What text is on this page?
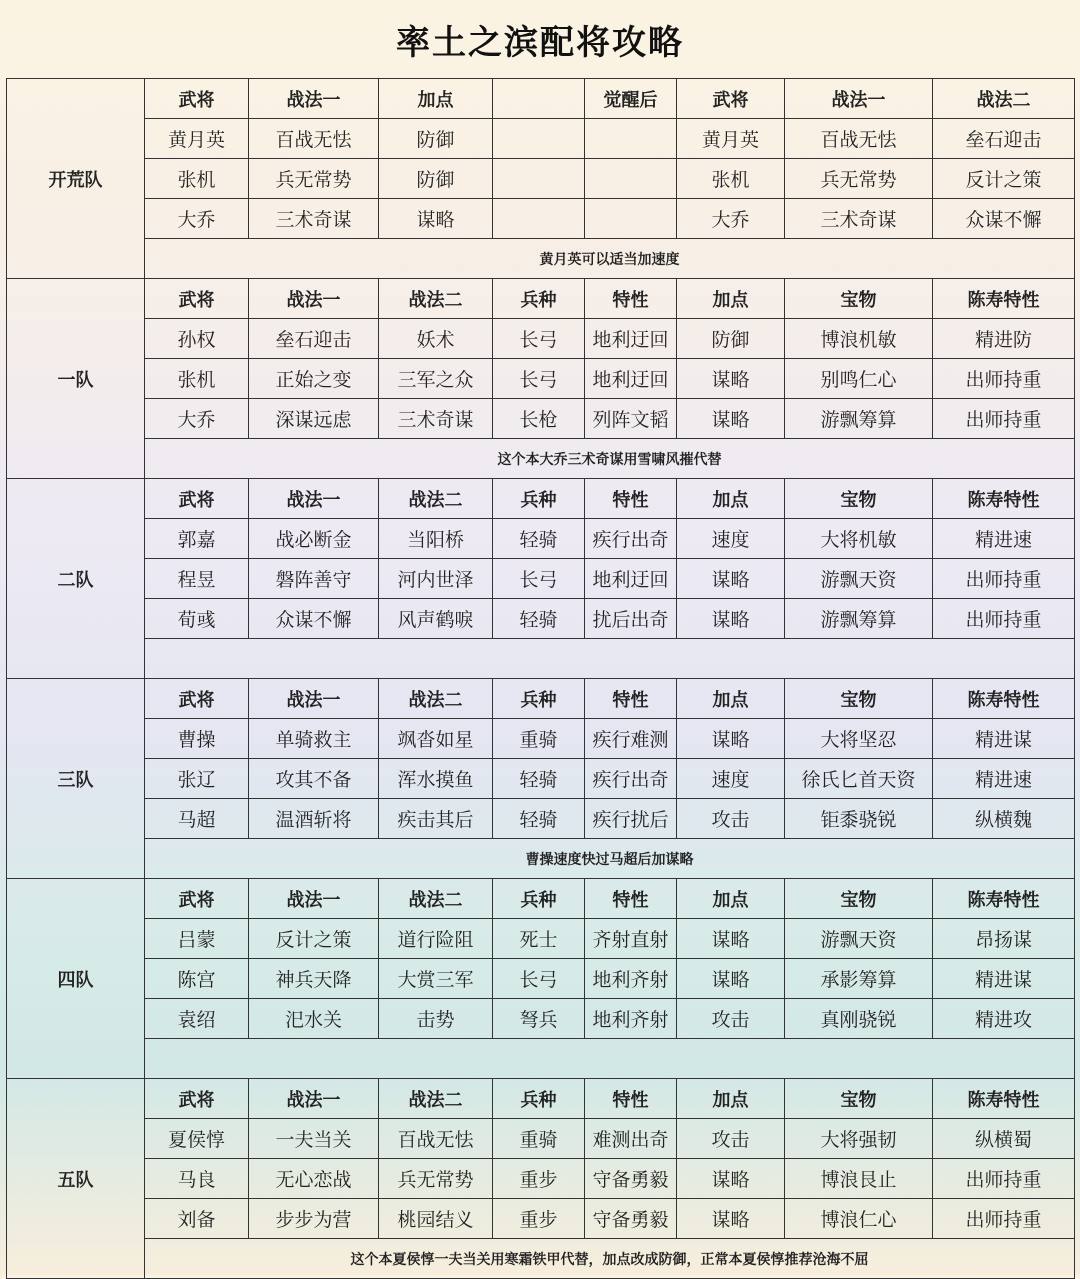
率土之滨配将攻略
开荒队	武将	战法一	加点		觉醒后	武将	战法一	战法二
	黄月英	百战无怯	防御			黄月英	百战无怯	垒石迎击
	张机	兵无常势	防御			张机	兵无常势	反计之策
	大乔	三术奇谋	谋略			大乔	三术奇谋	众谋不懈
	黄月英可以适当加速度							
一队	武将	战法一	战法二	兵种	特性	加点	宝物	陈寿特性
	孙权	垒石迎击	妖术	长弓	地利迂回	防御	博浪机敏	精进防
	张机	正始之变	三军之众	长弓	地利迂回	谋略	别鸣仁心	出师持重
	大乔	深谋远虑	三术奇谋	长枪	列阵文韬	谋略	游飘筹算	出师持重
	这个本大乔三术奇谋用雪啸风摧代替							
二队	武将	战法一	战法二	兵种	特性	加点	宝物	陈寿特性
	郭嘉	战必断金	当阳桥	轻骑	疾行出奇	速度	大将机敏	精进速
	程昱	磐阵善守	河内世泽	长弓	地利迂回	谋略	游飘天资	出师持重
	荀彧	众谋不懈	风声鹤唳	轻骑	扰后出奇	谋略	游飘筹算	出师持重

三队	武将	战法一	战法二	兵种	特性	加点	宝物	陈寿特性
	曹操	单骑救主	飒沓如星	重骑	疾行难测	谋略	大将坚忍	精进谋
	张辽	攻其不备	浑水摸鱼	轻骑	疾行出奇	速度	徐氏匕首天资	精进速
	马超	温酒斩将	疾击其后	轻骑	疾行扰后	攻击	钜黍骁锐	纵横魏
	曹操速度快过马超后加谋略							
四队	武将	战法一	战法二	兵种	特性	加点	宝物	陈寿特性
	吕蒙	反计之策	道行险阻	死士	齐射直射	谋略	游飘天资	昂扬谋
	陈宫	神兵天降	大赏三军	长弓	地利齐射	谋略	承影筹算	精进谋
	袁绍	汜水关	击势	弩兵	地利齐射	攻击	真刚骁锐	精进攻

五队	武将	战法一	战法二	兵种	特性	加点	宝物	陈寿特性
	夏侯惇	一夫当关	百战无怯	重骑	难测出奇	攻击	大将强韧	纵横蜀
	马良	无心恋战	兵无常势	重步	守备勇毅	谋略	博浪艮止	出师持重
	刘备	步步为营	桃园结义	重步	守备勇毅	谋略	博浪仁心	出师持重
	这个本夏侯惇一夫当关用寒霜铁甲代替，加点改成防御，正常本夏侯惇推荐沧海不屈							
